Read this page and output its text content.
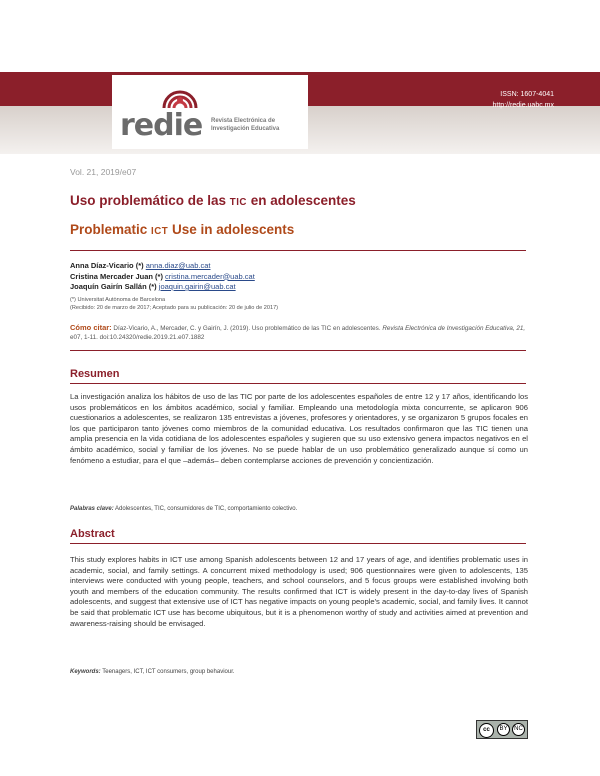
redie Revista Electrónica de
Investigación Educativa
ISSN: 1607-4041
http://redie.uabc.mx
Vol. 21, 2019/e07
Uso problemático de las TIC en adolescentes
Problematic ICT Use in adolescents
Anna Díaz-Vicario (*) anna.diaz@uab.cat
Cristina Mercader Juan (*) cristina.mercader@uab.cat
Joaquín Gairín Sallán (*) joaquin.gairin@uab.cat
(*) Universitat Autònoma de Barcelona
(Recibido: 20 de marzo de 2017; Aceptado para su publicación: 20 de julio de 2017)
Cómo citar: Díaz-Vicario, A., Mercader, C. y Gairín, J. (2019). Uso problemático de las TIC en adolescentes. Revista Electrónica de Investigación Educativa, 21, e07, 1-11. doi:10.24320/redie.2019.21.e07.1882
Resumen
La investigación analiza los hábitos de uso de las TIC por parte de los adolescentes españoles de entre 12 y 17 años, identificando los usos problemáticos en los ámbitos académico, social y familiar. Empleando una metodología mixta concurrente, se aplicaron 906 cuestionarios a adolescentes, se realizaron 135 entrevistas a jóvenes, profesores y orientadores, y se organizaron 5 grupos focales en los que participaron tanto jóvenes como miembros de la comunidad educativa. Los resultados confirmaron que las TIC tienen una amplia presencia en la vida cotidiana de los adolescentes españoles y sugieren que su uso extensivo genera impactos negativos en el ámbito académico, social y familiar de los jóvenes. No se puede hablar de un uso problemático generalizado aunque sí como un fenómeno a estudiar, para el que –además– deben contemplarse acciones de prevención y concientización.
Palabras clave: Adolescentes, TIC, consumidores de TIC, comportamiento colectivo.
Abstract
This study explores habits in ICT use among Spanish adolescents between 12 and 17 years of age, and identifies problematic uses in academic, social, and family settings. A concurrent mixed methodology is used; 906 questionnaires were given to adolescents, 135 interviews were conducted with young people, teachers, and school counselors, and 5 focus groups were established involving both youth and members of the education community. The results confirmed that ICT is widely present in the day-to-day lives of Spanish adolescents, and suggest that extensive use of ICT has negative impacts on young people's academic, social, and family lives. It cannot be said that problematic ICT use has become ubiquitous, but it is a phenomenon worthy of study and activities aimed at prevention and awareness-raising should be envisaged.
Keywords: Teenagers, ICT, ICT consumers, group behaviour.
cc	BY	NC
